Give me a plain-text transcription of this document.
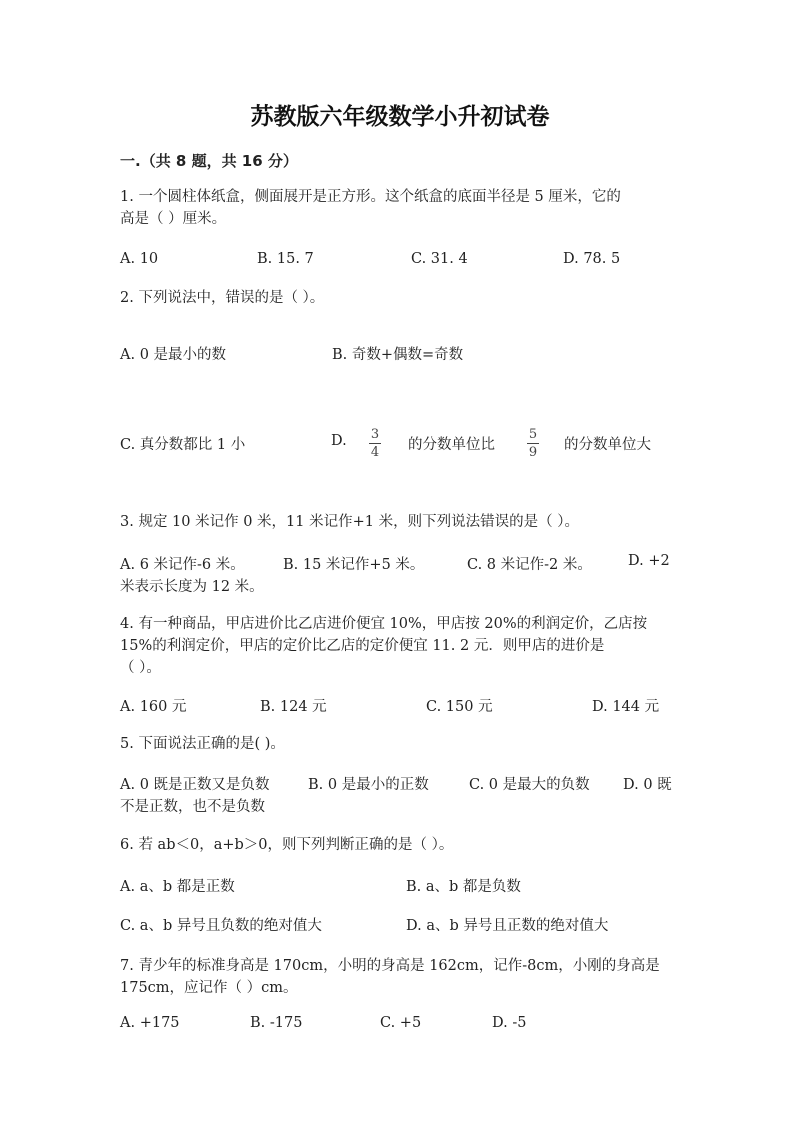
苏教版六年级数学小升初试卷
一.（共 8 题，共 16 分）
1. 一个圆柱体纸盒，侧面展开是正方形。这个纸盒的底面半径是 5 厘米，它的
高是（ ）厘米。
A. 10	B. 15. 7	C. 31. 4	D. 78. 5
2. 下列说法中，错误的是（ ）。
A. 0 是最小的数	B. 奇数+偶数=奇数
C. 真分数都比 1 小	D. 3
4 的分数单位比
5
9 的分数单位大
3. 规定 10 米记作 0 米，11 米记作+1 米，则下列说法错误的是（ ）。
A. 6 米记作-6 米。	B. 15 米记作+5 米。	C. 8 米记作-2 米。 D. +2
米表示长度为 12 米。
4. 有一种商品，甲店进价比乙店进价便宜 10%，甲店按 20%的利润定价，乙店按
15%的利润定价，甲店的定价比乙店的定价便宜 11. 2 元．则甲店的进价是
（ ）。
A. 160 元	B. 124 元	C. 150 元	D. 144 元
5. 下面说法正确的是( )。
A. 0 既是正数又是负数	B. 0 是最小的正数	C. 0 是最大的负数 D. 0 既
不是正数，也不是负数
6. 若 ab＜0，a+b＞0，则下列判断正确的是（ ）。
A. a、b 都是正数	B. a、b 都是负数
C. a、b 异号且负数的绝对值大	D. a、b 异号且正数的绝对值大
7. 青少年的标准身高是 170cm，小明的身高是 162cm，记作-8cm，小刚的身高是
175cm，应记作（ ）cm。
A. +175	B. -175	C. +5	D. -5
